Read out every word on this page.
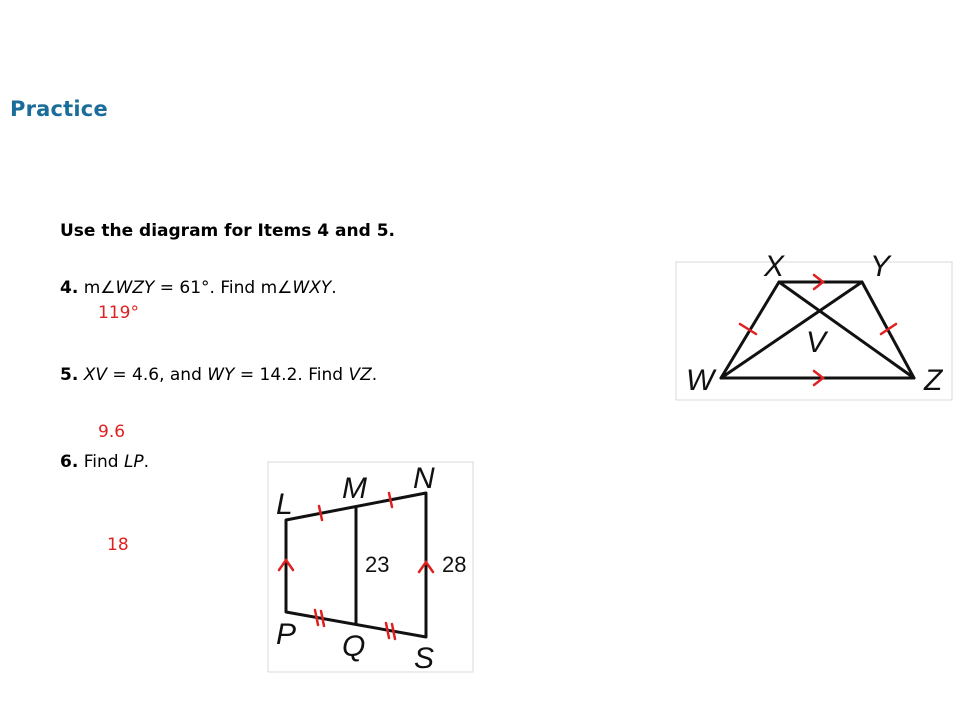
Practice
Use the diagram for Items 4 and 5.
4. m∠WZY = 61°. Find m∠WXY.
119°
5. XV = 4.6, and WY = 14.2. Find VZ.
9.6
6. Find LP.
18
X	Y
V
W	Z
L M N
P Q S
23 28
